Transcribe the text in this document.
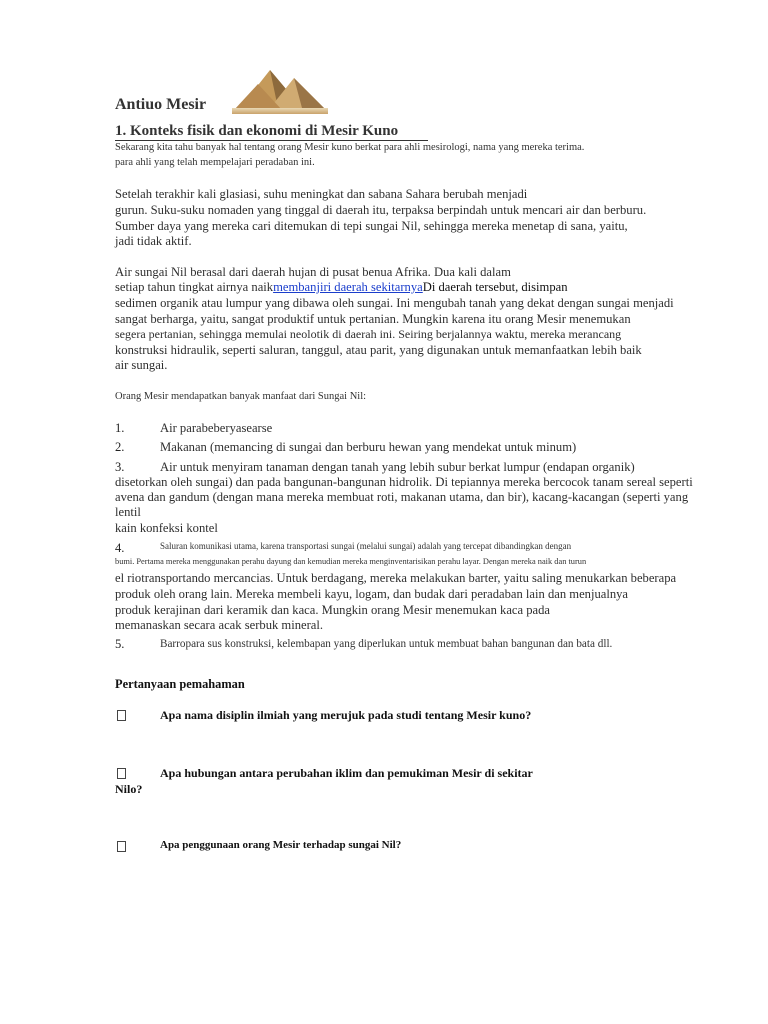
Antiuo Mesir
1. Konteks fisik dan ekonomi di Mesir Kuno
Sekarang kita tahu banyak hal tentang orang Mesir kuno berkat para ahli mesirologi, nama yang mereka terima.
para ahli yang telah mempelajari peradaban ini.
Setelah terakhir kali glasiasi, suhu meningkat dan sabana Sahara berubah menjadi
gurun. Suku-suku nomaden yang tinggal di daerah itu, terpaksa berpindah untuk mencari air dan berburu.
Sumber daya yang mereka cari ditemukan di tepi sungai Nil, sehingga mereka menetap di sana, yaitu,
jadi tidak aktif.
Air sungai Nil berasal dari daerah hujan di pusat benua Afrika. Dua kali dalam
setiap tahun tingkat airnya naikmembanjiri daerah sekitarnyaDi daerah tersebut, disimpan
sedimen organik atau lumpur yang dibawa oleh sungai. Ini mengubah tanah yang dekat dengan sungai menjadi
sangat berharga, yaitu, sangat produktif untuk pertanian. Mungkin karena itu orang Mesir menemukan
segera pertanian, sehingga memulai neolotik di daerah ini. Seiring berjalannya waktu, mereka merancang
konstruksi hidraulik, seperti saluran, tanggul, atau parit, yang digunakan untuk memanfaatkan lebih baik
air sungai.
Orang Mesir mendapatkan banyak manfaat dari Sungai Nil:
1.	Air parabeberyasearse
2.	Makanan (memancing di sungai dan berburu hewan yang mendekat untuk minum)
3.	Air untuk menyiram tanaman dengan tanah yang lebih subur berkat lumpur (endapan organik)
disetorkan oleh sungai) dan pada bangunan-bangunan hidrolik. Di tepiannya mereka bercocok tanam sereal seperti
avena dan gandum (dengan mana mereka membuat roti, makanan utama, dan bir), kacang-kacangan (seperti yang
lentil
kain konfeksi kontel
4.	Saluran komunikasi utama, karena transportasi sungai (melalui sungai) adalah yang tercepat dibandingkan dengan
bumi. Pertama mereka menggunakan perahu dayung dan kemudian mereka menginventarisikan perahu layar. Dengan mereka naik dan turun
el riotransportando mercancias. Untuk berdagang, mereka melakukan barter, yaitu saling menukarkan beberapa
produk oleh orang lain. Mereka membeli kayu, logam, dan budak dari peradaban lain dan menjualnya
produk kerajinan dari keramik dan kaca. Mungkin orang Mesir menemukan kaca pada
memanaskan secara acak serbuk mineral.
5.	Barropara sus konstruksi, kelembapan yang diperlukan untuk membuat bahan bangunan dan bata dll.
Pertanyaan pemahaman
Apa nama disiplin ilmiah yang merujuk pada studi tentang Mesir kuno?
Apa hubungan antara perubahan iklim dan pemukiman Mesir di sekitar
Nilo?
Apa penggunaan orang Mesir terhadap sungai Nil?
